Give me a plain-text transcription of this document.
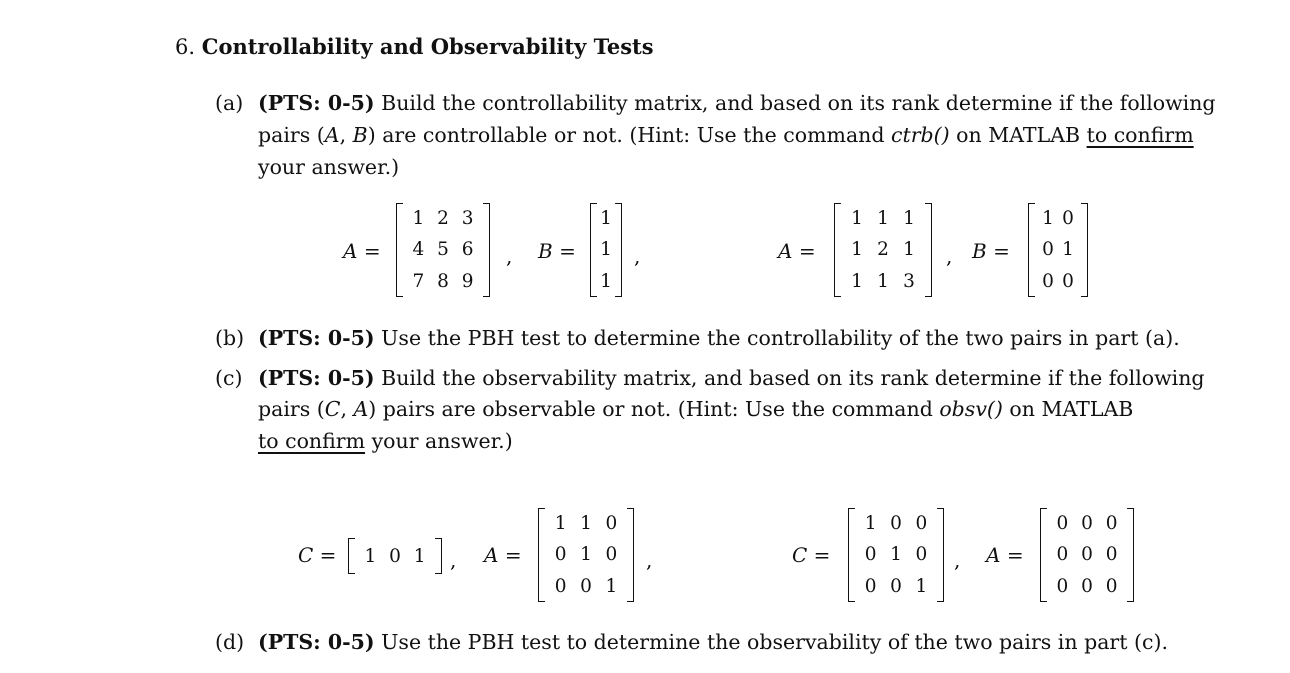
6. Controllability and Observability Tests
(a) (PTS: 0-5) Build the controllability matrix, and based on its rank determine if the following
pairs (A, B) are controllable or not. (Hint: Use the command ctrb() on MATLAB to confirm
your answer.)
A =
1 2 3
4 5 6
7 8 9
, B =
1
1
1
,	A =
1 1 1
1 2 1
1 1 3
, B =
1 0
0 1
0 0
(b) (PTS: 0-5) Use the PBH test to determine the controllability of the two pairs in part (a).
(c) (PTS: 0-5) Build the observability matrix, and based on its rank determine if the following
pairs (C, A) pairs are observable or not. (Hint: Use the command obsv() on MATLAB
to confirm your answer.)
C = 1 0 1 , A =
1 1 0
0 1 0
0 0 1
,	C =
1 0 0
0 1 0
0 0 1
, A =
0 0 0
0 0 0
0 0 0
(d) (PTS: 0-5) Use the PBH test to determine the observability of the two pairs in part (c).
